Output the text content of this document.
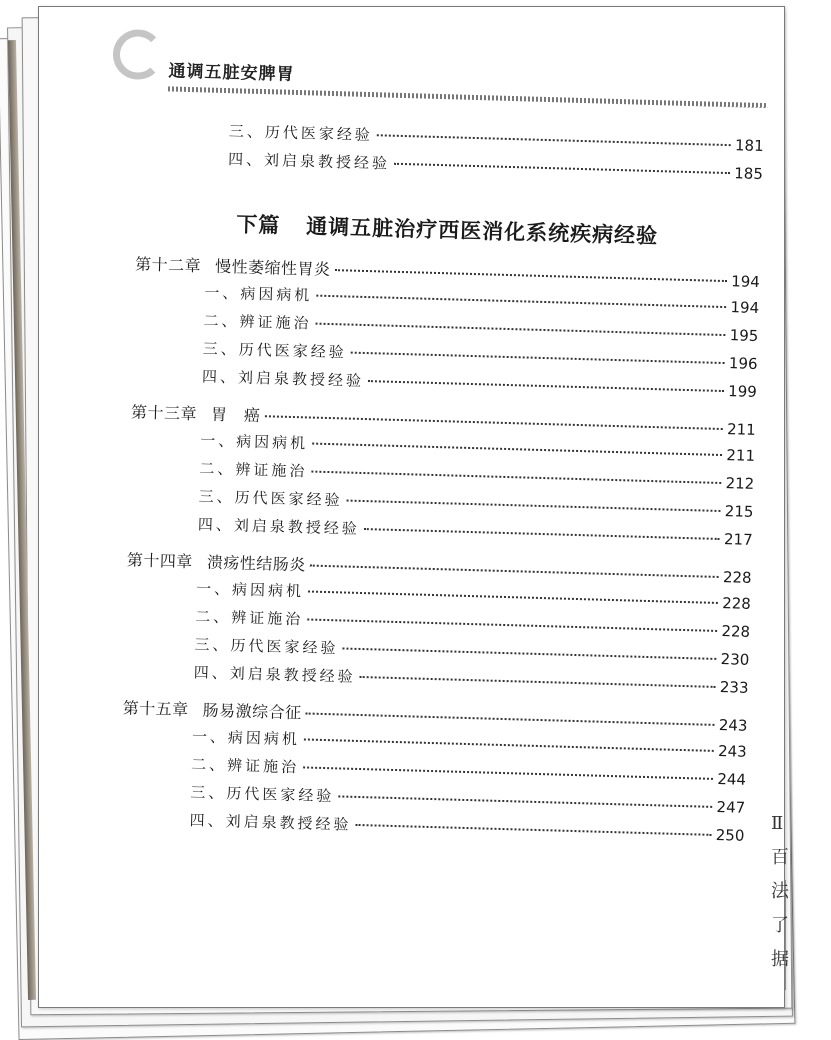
通调五脏安脾胃
三、历代医家经验
181
四、刘启泉教授经验
185
下篇 通调五脏治疗西医消化系统疾病经验
第十二章 慢性萎缩性胃炎
194
一、病因病机
194
二、辨证施治
195
三、历代医家经验
196
四、刘启泉教授经验
199
第十三章 胃　癌
211
一、病因病机
211
二、辨证施治
212
三、历代医家经验
215
四、刘启泉教授经验
217
第十四章 溃疡性结肠炎
228
一、病因病机
228
二、辨证施治
228
三、历代医家经验
230
四、刘启泉教授经验
233
第十五章 肠易激综合征
243
一、病因病机
243
二、辨证施治
244
三、历代医家经验
247
四、刘启泉教授经验
250
Ⅱ
百
法
了
据
